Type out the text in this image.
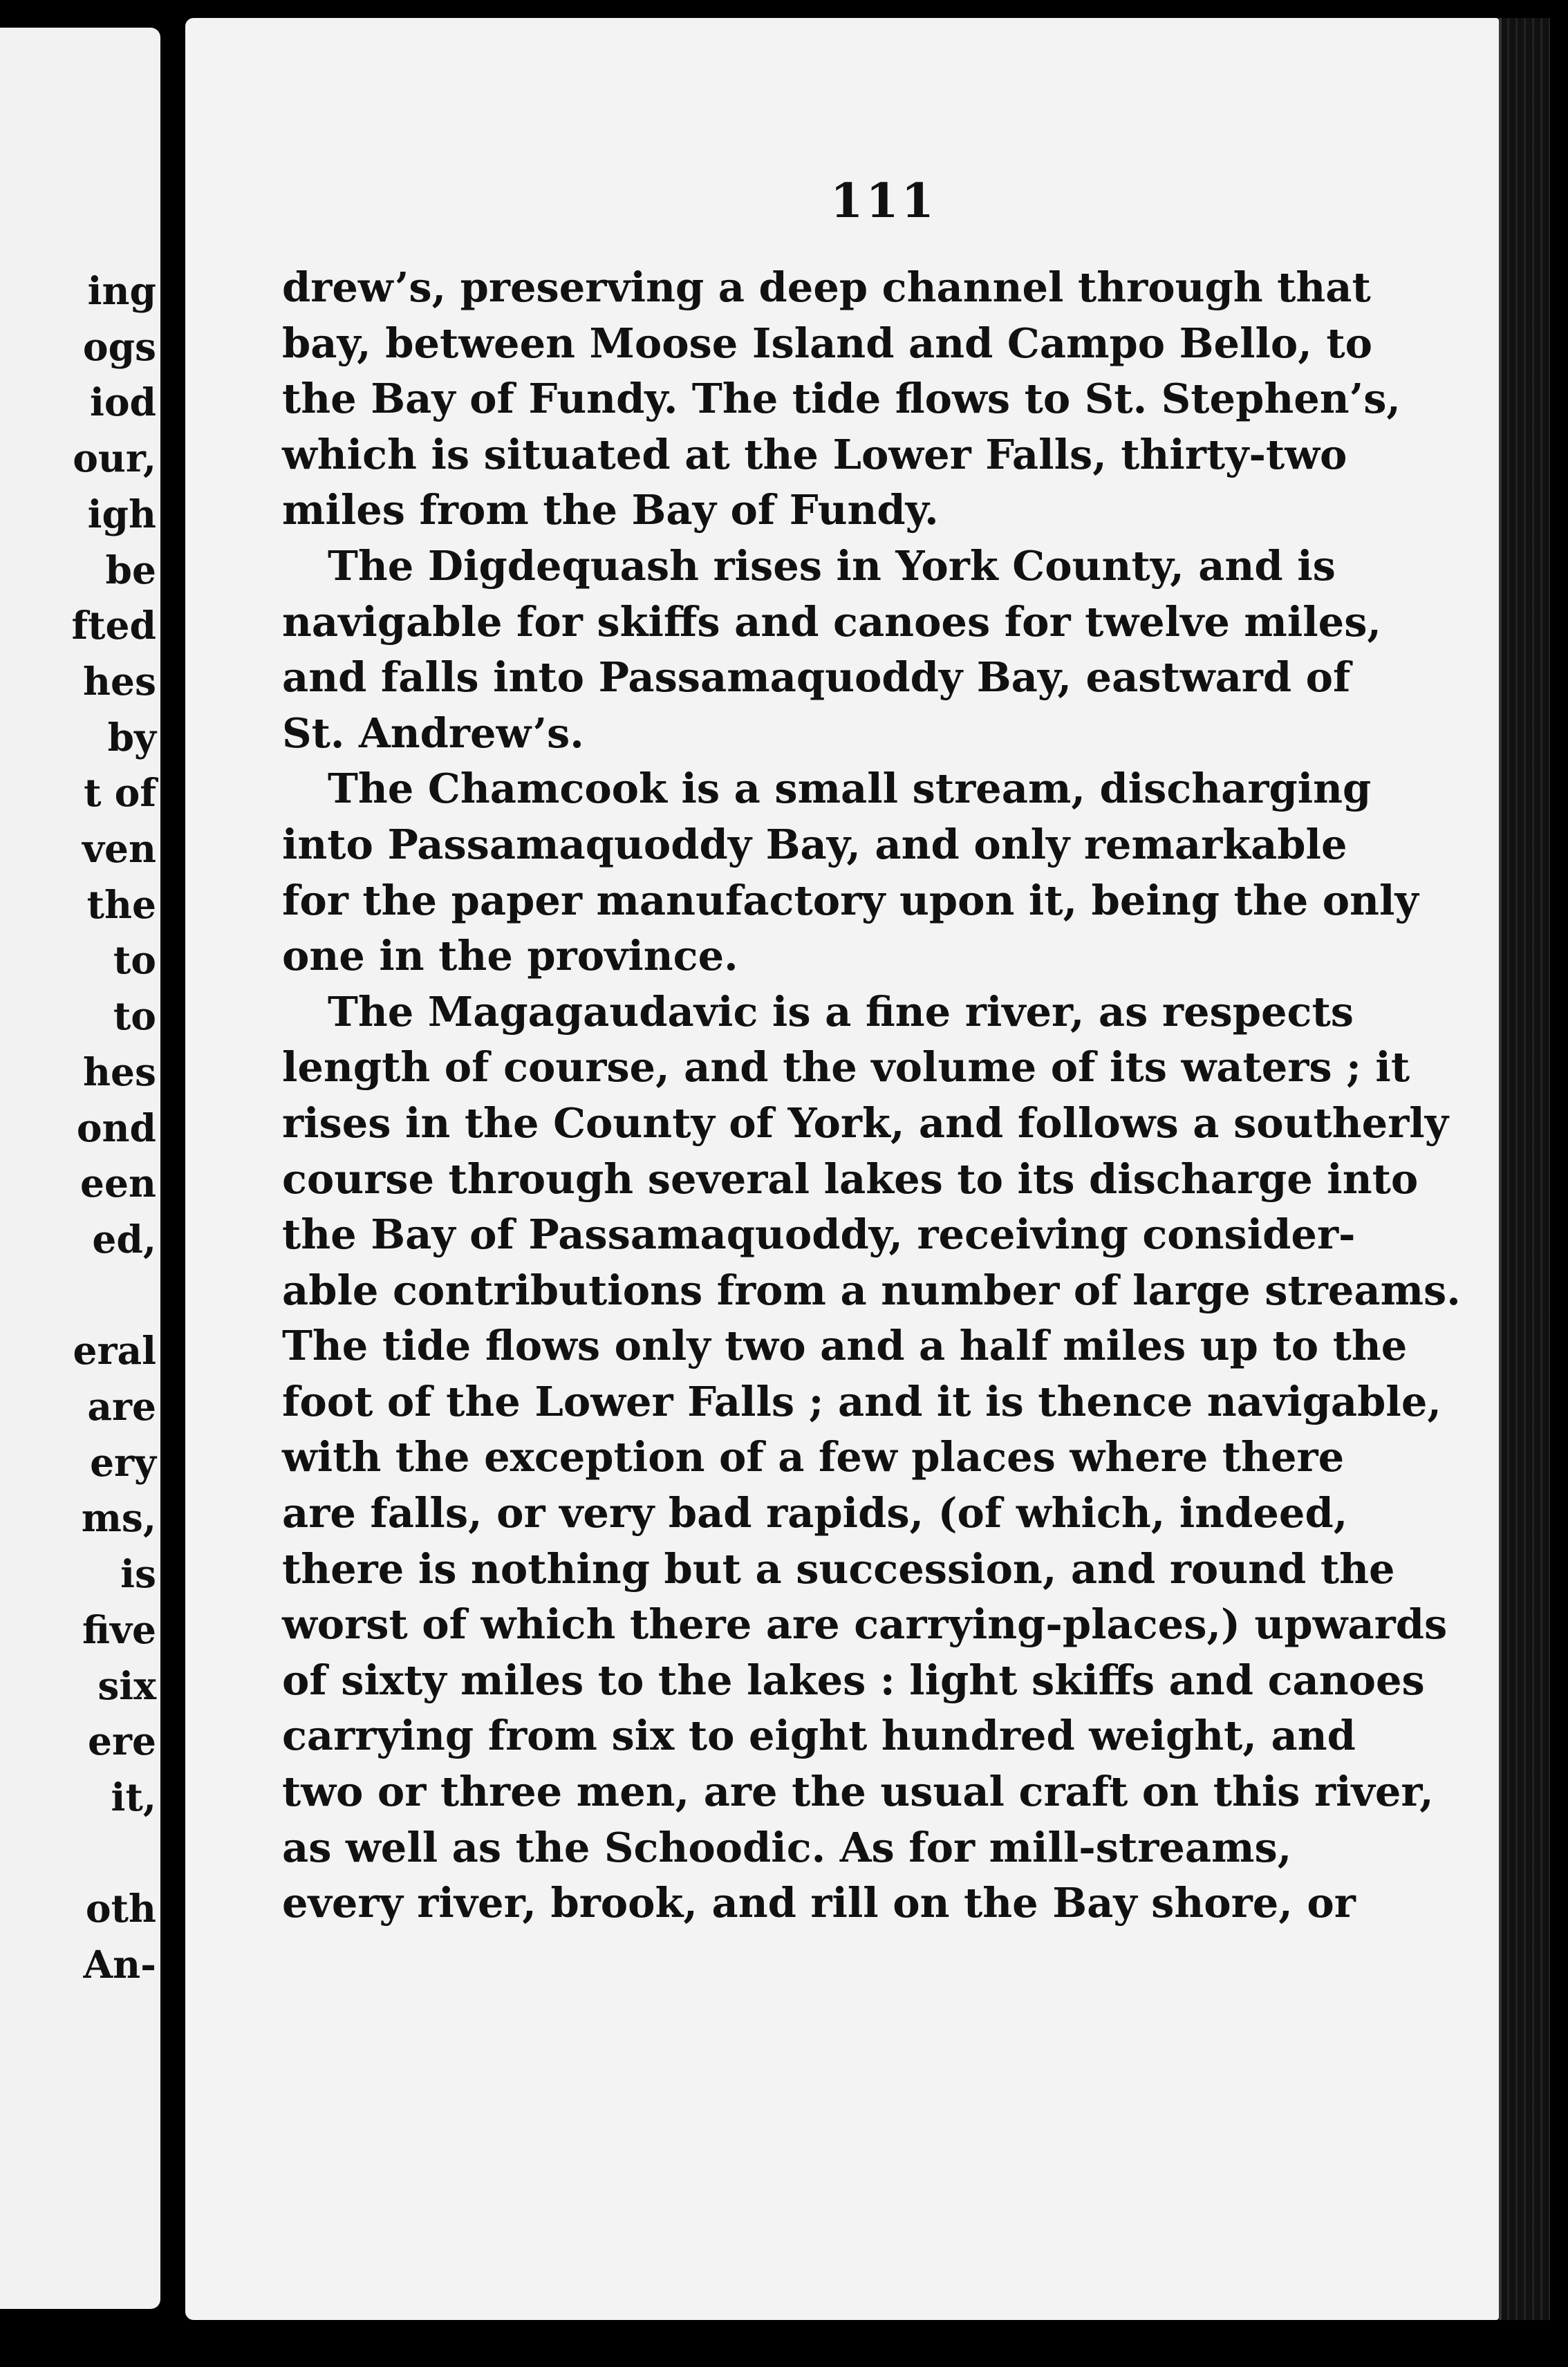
ing
ogs
iod
our,
igh
be
fted
hes
by
t of
ven
the
to
to
hes
ond
een
ed,
eral
are
ery
ms,
is
five
six
ere
it,
oth
An-
111
drew’s, preserving a deep channel through that
bay, between Moose Island and Campo Bello, to
the Bay of Fundy. The tide flows to St. Stephen’s,
which is situated at the Lower Falls, thirty-two
miles from the Bay of Fundy.
The Digdequash rises in York County, and is
navigable for skiffs and canoes for twelve miles,
and falls into Passamaquoddy Bay, eastward of
St. Andrew’s.
The Chamcook is a small stream, discharging
into Passamaquoddy Bay, and only remarkable
for the paper manufactory upon it, being the only
one in the province.
The Magagaudavic is a fine river, as respects
length of course, and the volume of its waters ; it
rises in the County of York, and follows a southerly
course through several lakes to its discharge into
the Bay of Passamaquoddy, receiving consider-
able contributions from a number of large streams.
The tide flows only two and a half miles up to the
foot of the Lower Falls ; and it is thence navigable,
with the exception of a few places where there
are falls, or very bad rapids, (of which, indeed,
there is nothing but a succession, and round the
worst of which there are carrying-places,) upwards
of sixty miles to the lakes : light skiffs and canoes
carrying from six to eight hundred weight, and
two or three men, are the usual craft on this river,
as well as the Schoodic. As for mill-streams,
every river, brook, and rill on the Bay shore, or
